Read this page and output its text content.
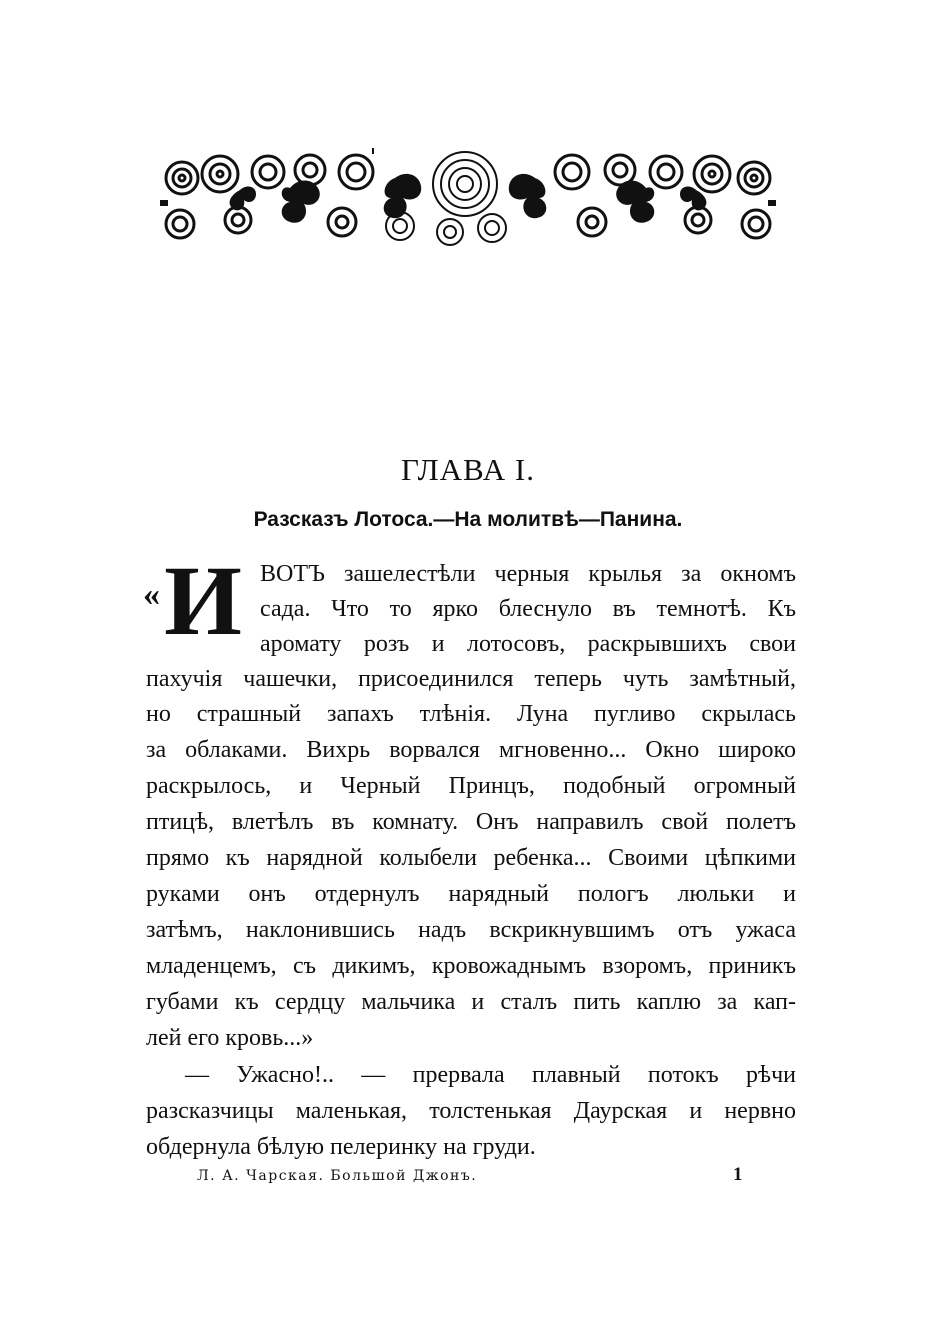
ГЛАВА I.
Разсказъ Лотоса.—На молитвѣ—Панина.
« И ВОТЪ зашелестѣли черныя крылья за окномъ
сада. Что то ярко блеснуло въ темнотѣ. Къ
аромату розъ и лотосовъ, раскрывшихъ свои
пахучія чашечки, присоединился теперь чуть замѣтный,
но страшный запахъ тлѣнія. Луна пугливо скрылась
за облаками. Вихрь ворвался мгновенно... Окно широко
раскрылось, и Черный Принцъ, подобный огромный
птицѣ, влетѣлъ въ комнату. Онъ направилъ свой полетъ
прямо къ нарядной колыбели ребенка... Своими цѣпкими
руками онъ отдернулъ нарядный пологъ люльки и
затѣмъ, наклонившись надъ вскрикнувшимъ отъ ужаса
младенцемъ, съ дикимъ, кровожаднымъ взоромъ, приникъ
губами къ сердцу мальчика и сталъ пить каплю за кап-
лей его кровь...»
— Ужасно!.. — прервала плавный потокъ рѣчи
разсказчицы маленькая, толстенькая Даурская и нервно
обдернула бѣлую пелеринку на груди.
Л. А. Чарская. Большой Джонъ.	1
